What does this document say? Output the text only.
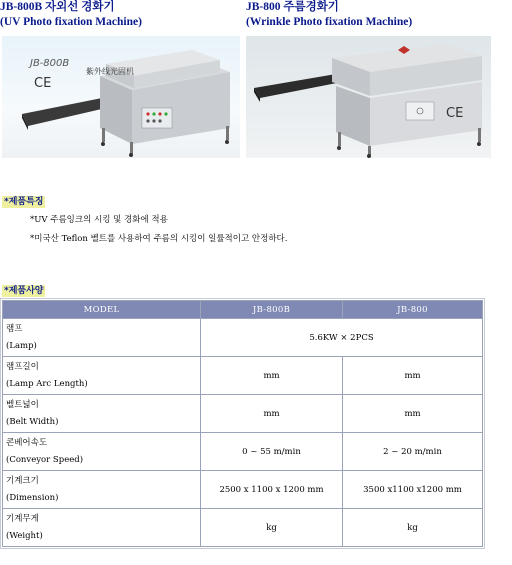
JB-800B 자외선 경화기
(UV Photo fixation Machine)
JB-800 주름경화기
(Wrinkle Photo fixation Machine)
JB-800B
CE
紫外线光固机
CE
*제품특징
*UV 주름잉크의 시킹 및 경화에 적용
*미국산 Teflon 벨트를 사용하여 주름의 시킹이 일률적이고 안정하다.
*제품사양
MODEL	JB-800B	JB-800

램프
(Lamp)	5.6KW × 2PCS	

램프길이
(Lamp Arc Length)	mm	mm

벨트넓이
(Belt Width)	mm	mm

콘베어속도
(Conveyor Speed)	0 ~ 55 m/min	2 ~ 20 m/min

기계크기
(Dimension)	2500 x 1100 x 1200 mm	3500 x1100 x1200 mm

기계무게
(Weight)	kg	kg
